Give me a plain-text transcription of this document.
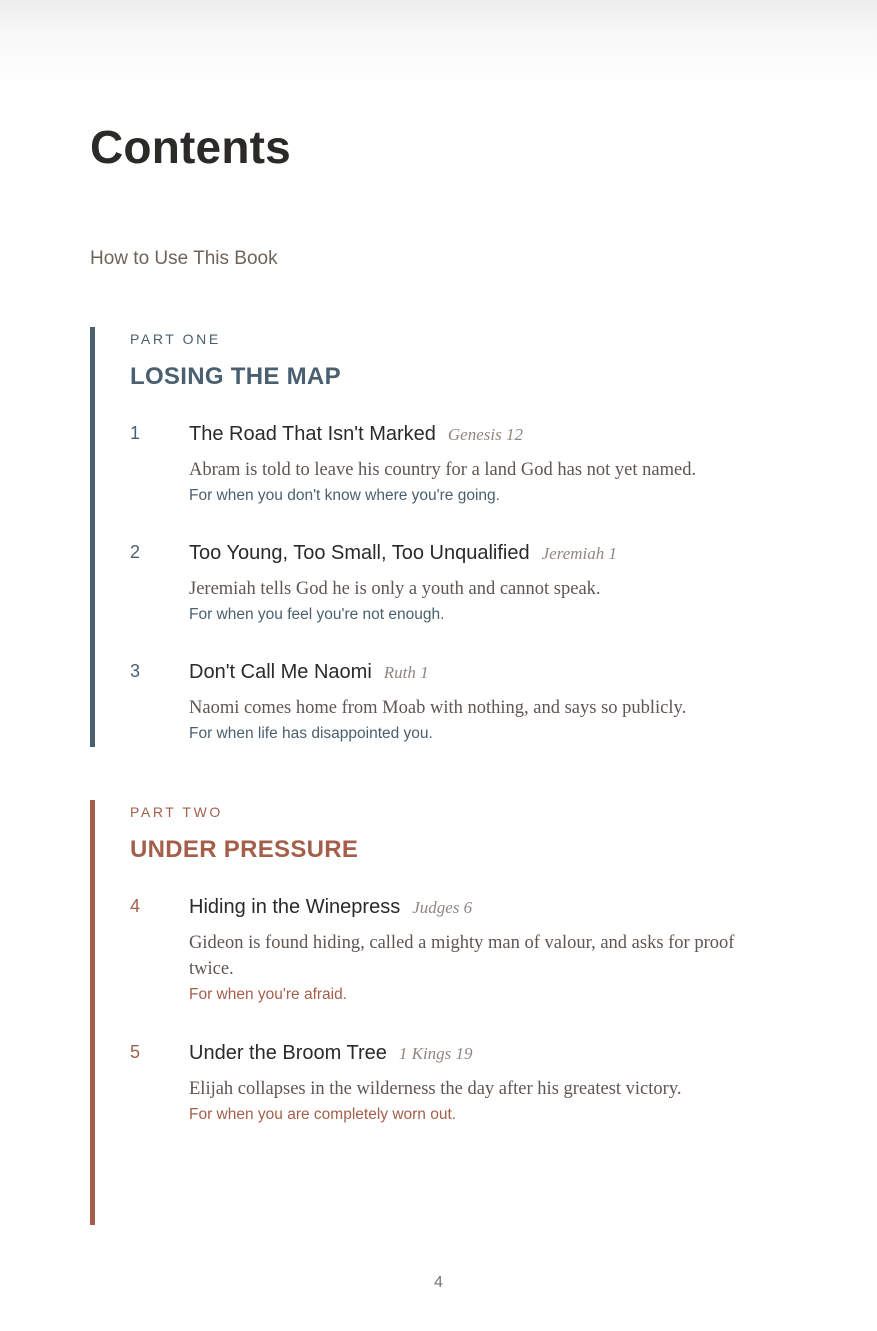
Contents
How to Use This Book
PART ONE
LOSING THE MAP
1 The Road That Isn't Marked Genesis 12
Abram is told to leave his country for a land God has not yet named.
For when you don't know where you're going.
2 Too Young, Too Small, Too Unqualified Jeremiah 1
Jeremiah tells God he is only a youth and cannot speak.
For when you feel you're not enough.
3 Don't Call Me Naomi Ruth 1
Naomi comes home from Moab with nothing, and says so publicly.
For when life has disappointed you.
PART TWO
UNDER PRESSURE
4 Hiding in the Winepress Judges 6
Gideon is found hiding, called a mighty man of valour, and asks for proof twice.
For when you're afraid.
5 Under the Broom Tree 1 Kings 19
Elijah collapses in the wilderness the day after his greatest victory.
For when you are completely worn out.
4
